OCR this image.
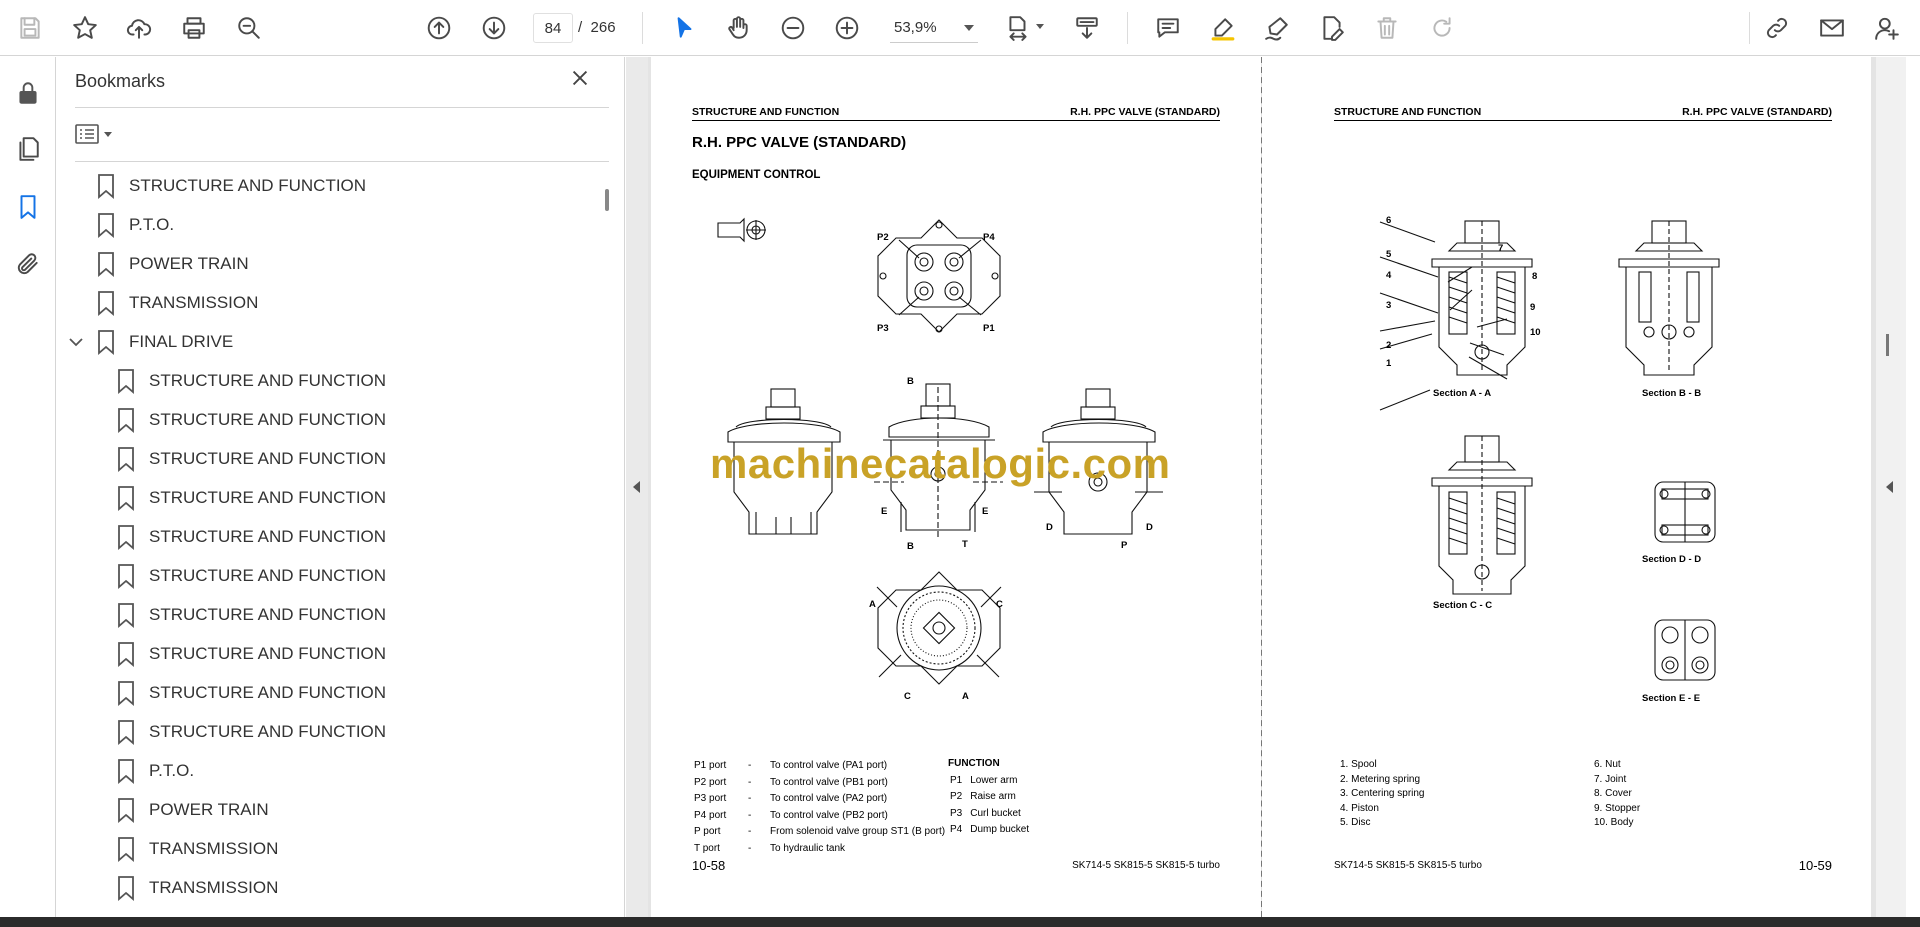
84
/ 266	53,9%
Bookmarks
STRUCTURE AND FUNCTION
P.T.O.
POWER TRAIN
TRANSMISSION
FINAL DRIVE
STRUCTURE AND FUNCTION
STRUCTURE AND FUNCTION
STRUCTURE AND FUNCTION
STRUCTURE AND FUNCTION
STRUCTURE AND FUNCTION
STRUCTURE AND FUNCTION
STRUCTURE AND FUNCTION
STRUCTURE AND FUNCTION
STRUCTURE AND FUNCTION
STRUCTURE AND FUNCTION
P.T.O.
POWER TRAIN
TRANSMISSION
TRANSMISSION
STRUCTURE AND FUNCTION	R.H. PPC VALVE (STANDARD)
R.H. PPC VALVE (STANDARD)
EQUIPMENT CONTROL
P2	P4
P3	P1
B
B
E	E
T
D	D
P
A	C
C	A
P1 port	-	To control valve (PA1 port)
P2 port	-	To control valve (PB1 port)
P3 port	-	To control valve (PA2 port)
P4 port	-	To control valve (PB2 port)
P port	-	From solenoid valve group ST1 (B port)
T port	-	To hydraulic tank
FUNCTION
P1	Lower arm
P2	Raise arm
P3	Curl bucket
P4	Dump bucket
10-58	SK714-5 SK815-5 SK815-5 turbo
STRUCTURE AND FUNCTION	R.H. PPC VALVE (STANDARD)
6
5
4
3
2
1
7
8
9
10
Section A - A	Section B - B
Section C - C
Section D - D
Section E - E
1. Spool
2. Metering spring
3. Centering spring
4. Piston
5. Disc
6. Nut
7. Joint
8. Cover
9. Stopper
10. Body
SK714-5 SK815-5 SK815-5 turbo	10-59
machinecatalogic.com
